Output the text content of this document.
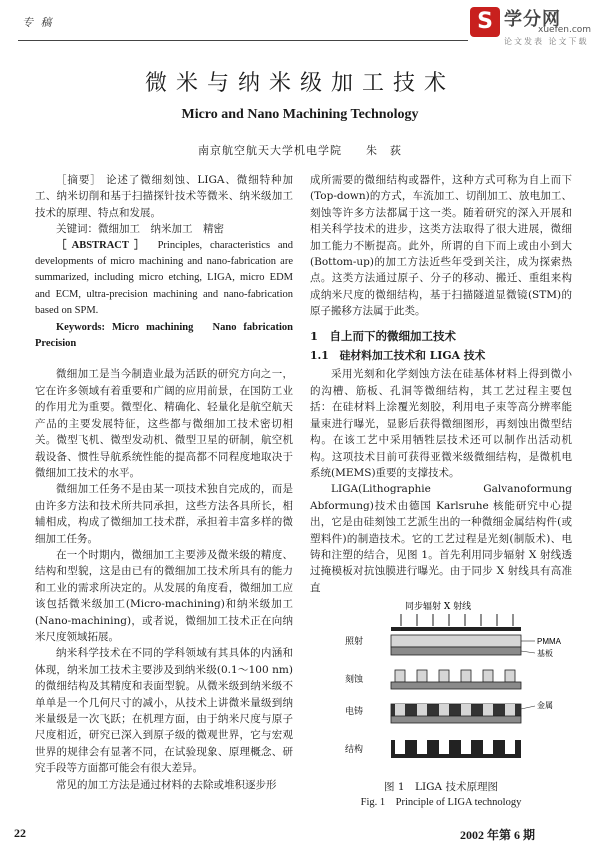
专 稿	S 学分网
xuefen.com
论文发表 论文下载
微米与纳米级加工技术
Micro and Nano Machining Technology
南京航空航天大学机电学院　　朱　荻

［摘要］ 论述了微细刻蚀、LIGA、微细特种加工、纳米切削和基于扫描探针技术等微米、纳米级加工技术的原理、特点和发展。

关键词：微细加工　纳米加工　精密

［ABSTRACT］ Principles, characteristics and developments of micro machining and nano-fabrication are summarized, including micro etching, LIGA, micro EDM and ECM, ultra-precision machining and nano-fabrication based on SPM.

Keywords: Micro machining　Nano fabrication　Precision

微细加工是当今制造业最为活跃的研究方向之一，它在许多领域有着重要和广阔的应用前景，在国防工业的作用尤为重要。微型化、精确化、轻量化是航空航天产品的主要发展特征，这些都与微细加工技术密切相关。微型飞机、微型发动机、微型卫星的研制，航空机载设备、惯性导航系统性能的提高都不同程度地取决于微细加工技术的水平。

微细加工任务不是由某一项技术独自完成的，而是由许多方法和技术所共同承担，这些方法各具所长，相辅相成，构成了微细加工技术群，承担着丰富多样的微细加工任务。

在一个时期内，微细加工主要涉及微米级的精度、结构和型貌，这是由已有的微细加工技术所具有的能力和工业的需求所决定的。从发展的角度看，微细加工应该包括微米级加工(Micro-machining)和纳米级加工(Nano-machining)，或者说，微细加工技术正在向纳米尺度领域拓展。

纳米科学技术在不同的学科领域有其具体的内涵和体现，纳米加工技术主要涉及到纳米级(0.1～100 nm)的微细结构及其精度和表面型貌。从微米级到纳米级不单单是一个几何尺寸的减小，从技术上讲微米量级到纳米量级是一次飞跃；在机理方面，由于纳米尺度与原子尺度相近，研究已深入到原子级的微观世界，它与宏观世界的规律会有显著不同，在试验现象、原理概念、研究手段等方面都可能会有很大差异。

常见的加工方法是通过材料的去除或堆积逐步形

成所需要的微细结构或器件，这种方式可称为自上而下(Top-down)的方式，车流加工、切削加工、放电加工、刻蚀等许多方法都属于这一类。随着研究的深入开展和相关科学技术的进步，这类方法取得了很大进展，微细加工能力不断提高。此外，所谓的自下而上或由小到大(Bottom-up)的加工方法近些年受到关注，成为探索热点。这类方法通过原子、分子的移动、搬迁、重组来构成纳米尺度的微细结构，基于扫描隧道显微镜(STM)的原子搬移方法属于此类。

1　自上而下的微细加工技术

1.1　硅材料加工技术和 LIGA 技术

采用光刻和化学刻蚀方法在硅基体材料上得到微小的沟槽、筋板、孔洞等微细结构，其工艺过程主要包括：在硅材料上涂覆光刻胶，利用电子束等高分辨率能量束进行曝光，显影后获得微细图形，再刻蚀出微型结构。在该工艺中采用牺牲层技术还可以制作出活动机构。这项技术目前可获得亚微米级微细结构，是微机电系统(MEMS)重要的支撑技术。

LIGA(Lithographie Galvanoformung Abformung)技术由德国 Karlsruhe 核能研究中心提出，它是由硅刻蚀工艺派生出的一种微细金属结构件(或塑料件)的制造技术。它的工艺过程是光刻(制版术)、电铸和注塑的结合，见图 1。首先利用同步辐射 X 射线透过掩模板对抗蚀膜进行曝光。由于同步 X 射线具有高准直

同步辐射 X 射线
PMMA
基板
照射
刻蚀
金属
电铸
结构
图 1　LIGA 技术原理图
Fig. 1　Principle of LIGA technology
22	2002 年第 6 期
